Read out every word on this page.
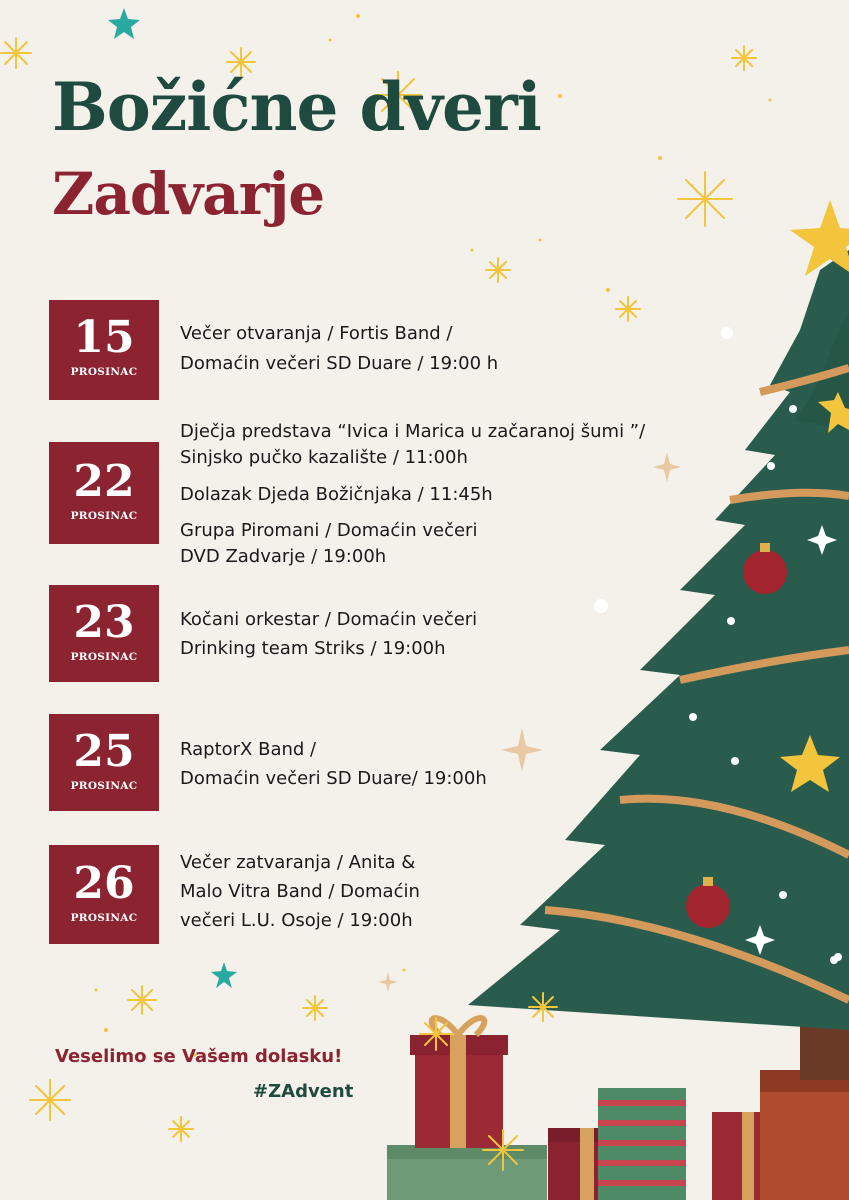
Božićne dveri
Zadvarje
15
PROSINAC
Večer otvaranja / Fortis Band /
Domaćin večeri SD Duare / 19:00 h
22
PROSINAC
Dječja predstava “Ivica i Marica u začaranoj šumi ”/
Sinjsko pučko kazalište / 11:00h
Dolazak Djeda Božičnjaka / 11:45h
Grupa Piromani / Domaćin večeri
DVD Zadvarje / 19:00h
23
PROSINAC
Kočani orkestar / Domaćin večeri
Drinking team Striks / 19:00h
25
PROSINAC
RaptorX Band /
Domaćin večeri SD Duare/ 19:00h
26
PROSINAC
Večer zatvaranja / Anita &
Malo Vitra Band / Domaćin
večeri L.U. Osoje / 19:00h
Veselimo se Vašem dolasku!
#ZAdvent
